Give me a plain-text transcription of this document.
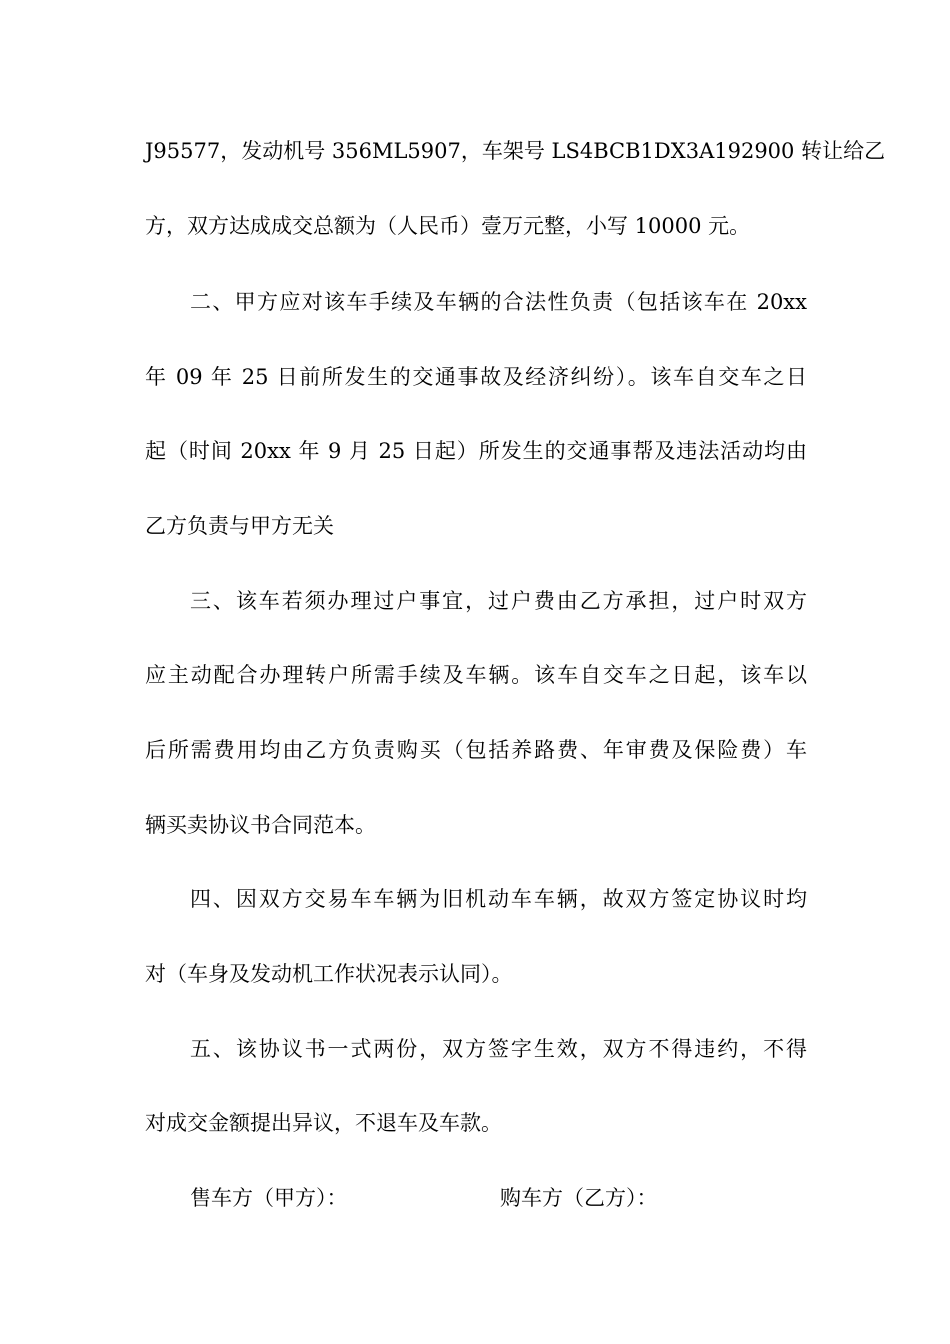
J95577，发动机号 356ML5907，车架号 LS4BCB1DX3A192900 转让给乙
方，双方达成成交总额为（人民币）壹万元整，小写 10000 元。
二、甲方应对该车手续及车辆的合法性负责（包括该车在 20xx
年 09 年 25 日前所发生的交通事故及经济纠纷）。该车自交车之日
起（时间 20xx 年 9 月 25 日起）所发生的交通事帮及违法活动均由
乙方负责与甲方无关
三、该车若须办理过户事宜，过户费由乙方承担，过户时双方
应主动配合办理转户所需手续及车辆。该车自交车之日起，该车以
后所需费用均由乙方负责购买（包括养路费、年审费及保险费）车
辆买卖协议书合同范本。
四、因双方交易车车辆为旧机动车车辆，故双方签定协议时均
对（车身及发动机工作状况表示认同）。
五、该协议书一式两份，双方签字生效，双方不得违约，不得
对成交金额提出异议，不退车及车款。
售车方（甲方）：	购车方（乙方）：
